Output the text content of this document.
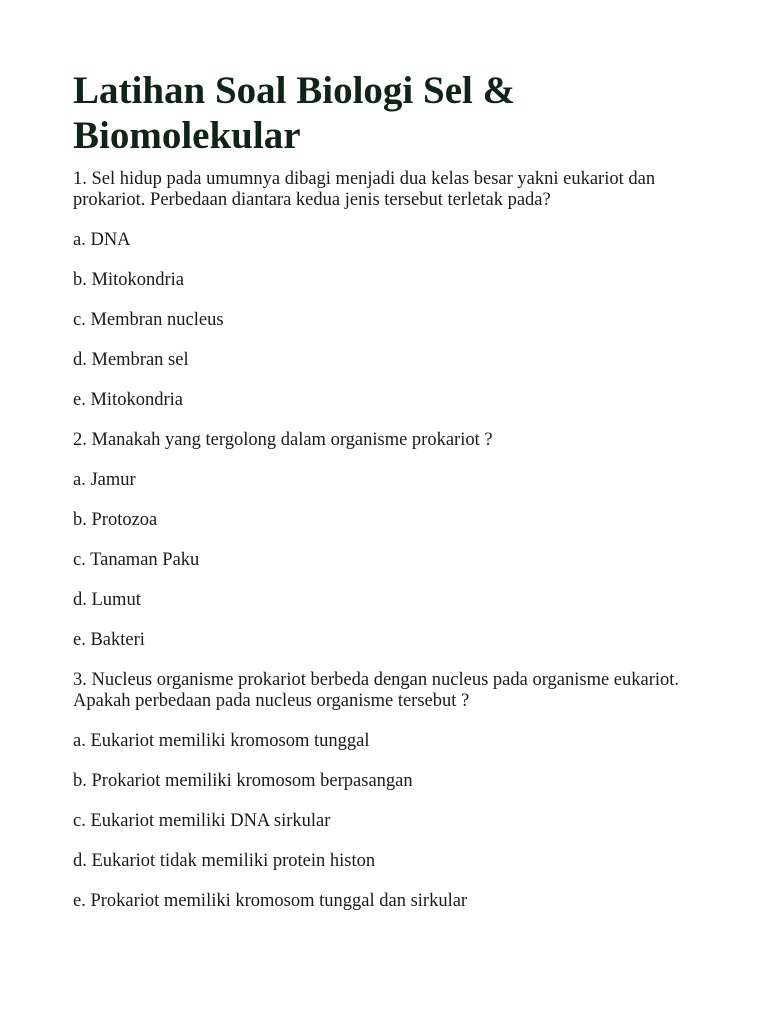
Latihan Soal Biologi Sel & Biomolekular

1. Sel hidup pada umumnya dibagi menjadi dua kelas besar yakni eukariot dan prokariot. Perbedaan diantara kedua jenis tersebut terletak pada?

a. DNA

b. Mitokondria

c. Membran nucleus

d. Membran sel

e. Mitokondria

2. Manakah yang tergolong dalam organisme prokariot ?

a. Jamur

b. Protozoa

c. Tanaman Paku

d. Lumut

e. Bakteri

3. Nucleus organisme prokariot berbeda dengan nucleus pada organisme eukariot. Apakah perbedaan pada nucleus organisme tersebut ?

a. Eukariot memiliki kromosom tunggal

b. Prokariot memiliki kromosom berpasangan

c. Eukariot memiliki DNA sirkular

d. Eukariot tidak memiliki protein histon

e. Prokariot memiliki kromosom tunggal dan sirkular
